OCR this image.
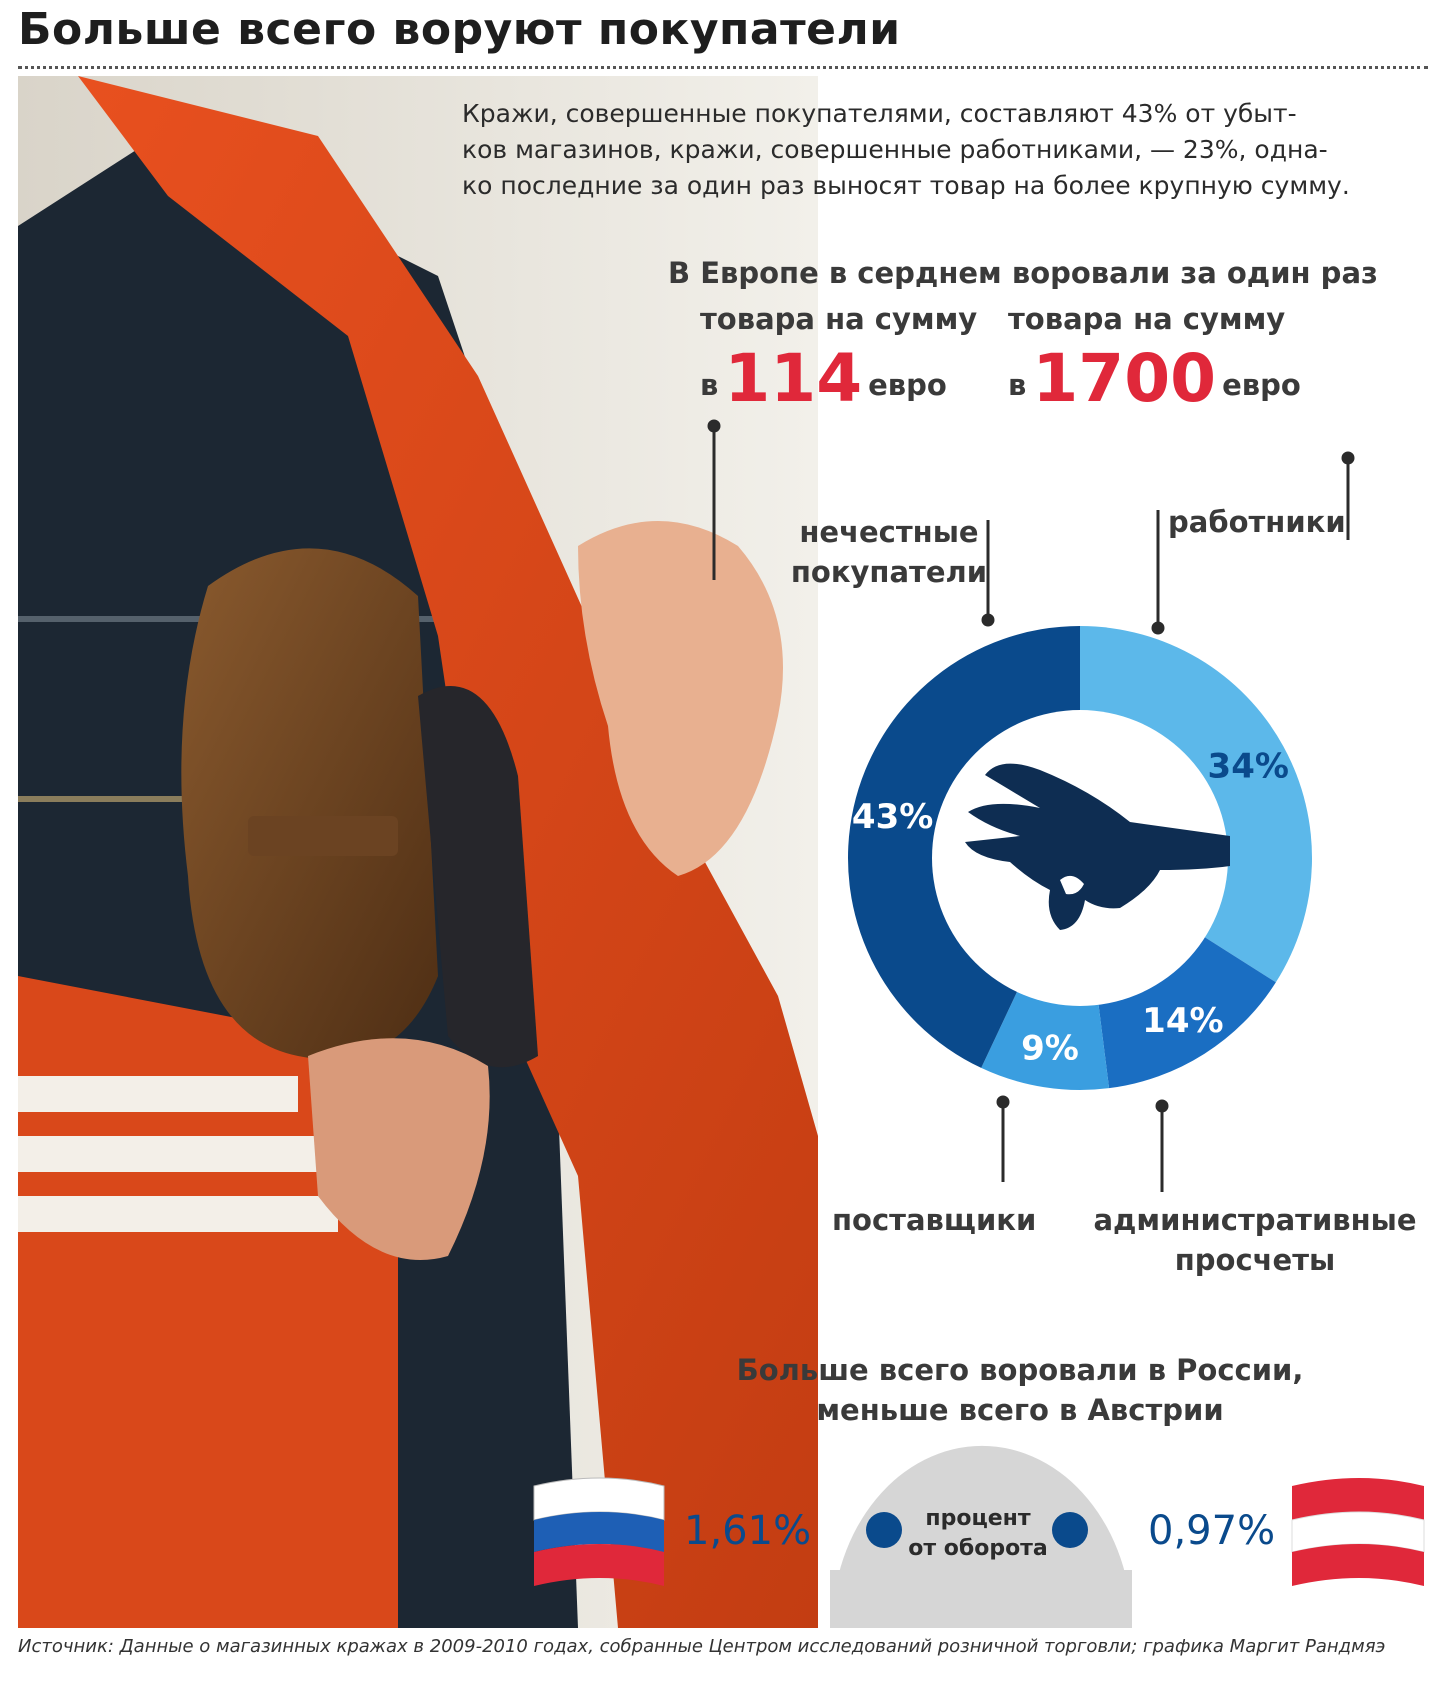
Больше всего воруют покупатели
Кражи, совершенные покупателями, составляют 43% от убыт-
ков магазинов, кражи, совершенные работниками, — 23%, одна-
ко последние за один раз выносят товар на более крупную сумму.
В Европе в серднем воровали за один раз
товара на сумму
в114 евро
товара на сумму
в1700 евро
34%
14%
9%
43%
нечестные
покупатели
работники
поставщики административные
просчеты
Больше всего воровали в России,
меньше всего в Австрии
1,61%	0,97%
процент
от оборота
Источник: Данные о магазинных кражах в 2009-2010 годах, собранные Центром исследований розничной торговли; графика Маргит Рандмяэ
